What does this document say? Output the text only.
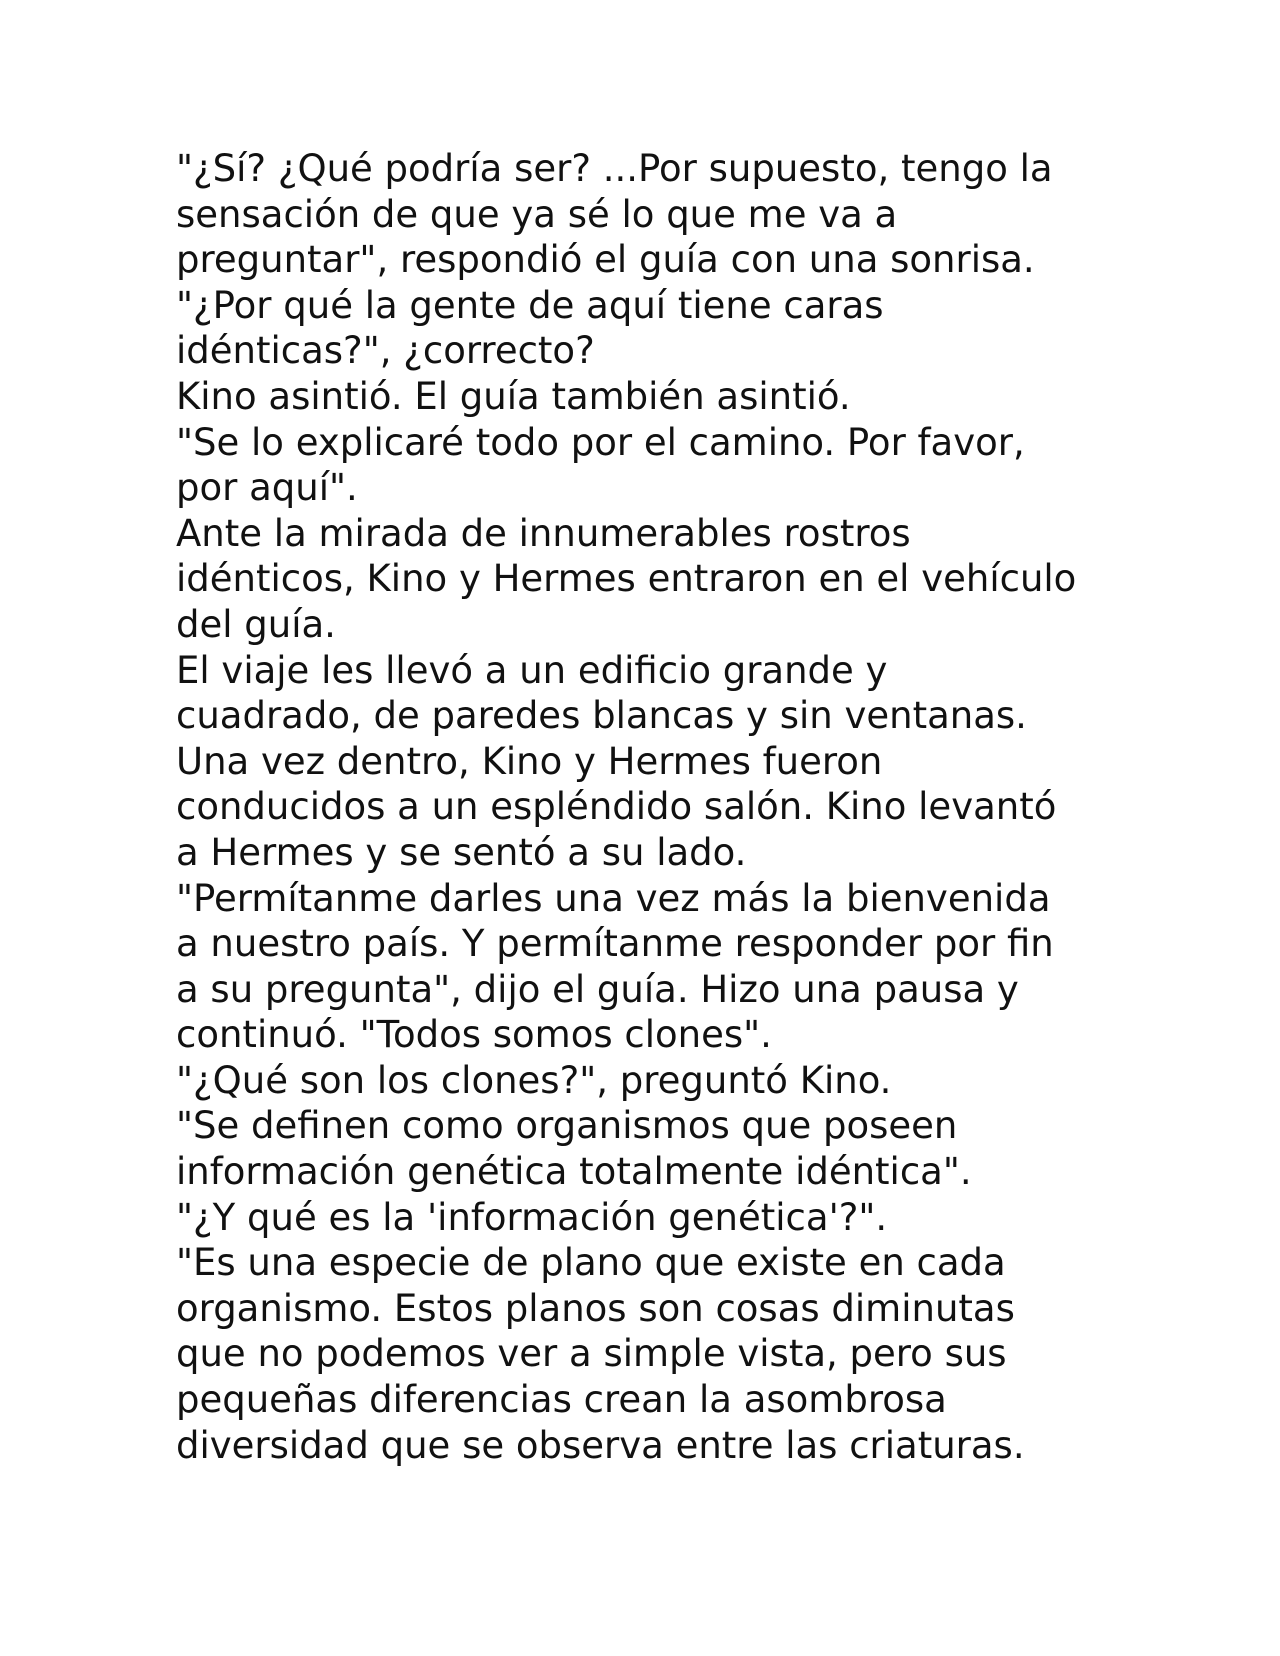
"¿Sí? ¿Qué podría ser? ...Por supuesto, tengo la
sensación de que ya sé lo que me va a
preguntar", respondió el guía con una sonrisa.
"¿Por qué la gente de aquí tiene caras
idénticas?", ¿correcto?
Kino asintió. El guía también asintió.
"Se lo explicaré todo por el camino. Por favor,
por aquí".
Ante la mirada de innumerables rostros
idénticos, Kino y Hermes entraron en el vehículo
del guía.
El viaje les llevó a un edificio grande y
cuadrado, de paredes blancas y sin ventanas.
Una vez dentro, Kino y Hermes fueron
conducidos a un espléndido salón. Kino levantó
a Hermes y se sentó a su lado.
"Permítanme darles una vez más la bienvenida
a nuestro país. Y permítanme responder por fin
a su pregunta", dijo el guía. Hizo una pausa y
continuó. "Todos somos clones".
"¿Qué son los clones?", preguntó Kino.
"Se definen como organismos que poseen
información genética totalmente idéntica".
"¿Y qué es la 'información genética'?".
"Es una especie de plano que existe en cada
organismo. Estos planos son cosas diminutas
que no podemos ver a simple vista, pero sus
pequeñas diferencias crean la asombrosa
diversidad que se observa entre las criaturas.
